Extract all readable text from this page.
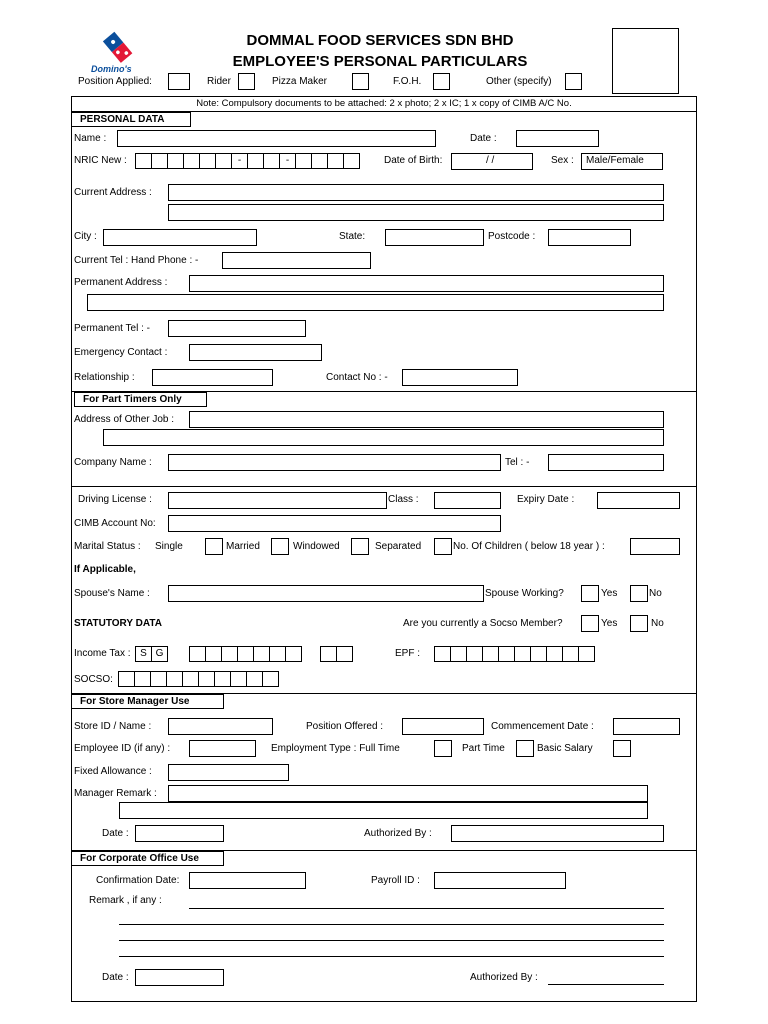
Domino's
DOMMAL FOOD SERVICES SDN BHD
EMPLOYEE'S PERSONAL PARTICULARS
Position Applied:	Rider	Pizza Maker	F.O.H.	Other (specify)
Note: Compulsory documents to be attached: 2 x photo; 2 x IC; 1 x copy of CIMB A/C No.
PERSONAL DATA
Name :	Date :
NRIC New :	-	-	Date of Birth:	/ /	Sex :	Male/Female
Current Address :
City :	State:	Postcode :
Current Tel : Hand Phone : -
Permanent Address :
Permanent Tel : -
Emergency Contact :
Relationship :	Contact No : -
For Part Timers Only
Address of Other Job :
Company Name :	Tel : -
Driving License :	Class :	Expiry Date :
CIMB Account No:
Marital Status : Single	Married	Windowed	Separated	No. Of Children ( below 18 year ) :
If Applicable,
Spouse's Name :	Spouse Working?	Yes	No
STATUTORY DATA	Are you currently a Socso Member?	Yes	No
Income Tax : S G	EPF :
SOCSO:
For Store Manager Use
Store ID / Name :	Position Offered :	Commencement Date :
Employee ID (if any) :	Employment Type : Full Time	Part Time	Basic Salary
Fixed Allowance :
Manager Remark :
Date :	Authorized By :
For Corporate Office Use
Confirmation Date:	Payroll ID :
Remark , if any :
Date :	Authorized By :
